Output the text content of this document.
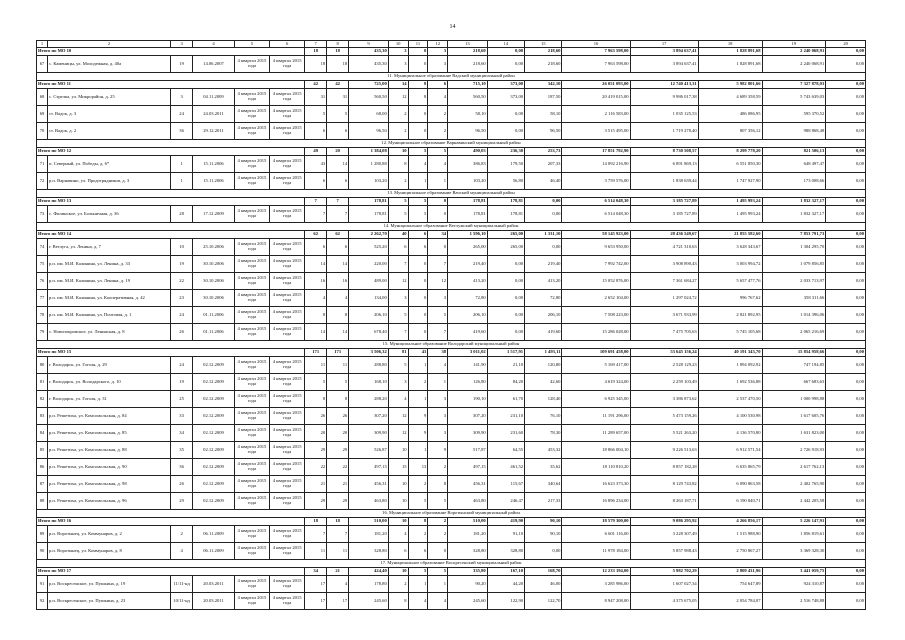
14
1	2	3	4	5	6	7	8	9	10	11	12	13	14	15	16	17	18	19	20
Итого по МО 10						18	18	435,30	3	0	3	218,60	0,00	218,60	7 963 598,00	3 894 637,41	1 828 891,68	2 240 068,91	0,00
67	с. Каменицы, ул. Молодежная, д. 40а	19	14.06.2007	4 квартал 2015 года	4 квартал 2015 года	18	18	435,30	3	0	3	218,60	0,00	218,60	7 963 598,00	3 894 637,41	1 828 891,68	2 240 068,91	0,00
11. Муниципальное образование Вадский муниципальный район																			
Итого по МО 11						42	42	725,00	14	8	6	715,10	373,00	342,10	26 051 093,00	12 740 413,31	5 982 801,66	7 327 878,03	0,00
68	с. Стрелка, ул. Микрорайон, д. 25	3	04.11.2009	4 квартал 2015 года	4 квартал 2015 года	31	31	560,50	12	8	4	560,50	373,00	187,50	20 419 015,00	9 986 017,38	4 689 358,59	5 743 639,03	0,00
69	ст. Вадок, д. 3	24	24.03.2011	4 квартал 2015 года	4 квартал 2015 года	5	5	68,00	2	0	2	58,10	0,00	58,10	2 116 583,00	1 035 125,53	486 086,95	595 370,52	0,00
70	ст. Вадок, д. 2	36	29.12.2011	4 квартал 2015 года	4 квартал 2015 года	6	6	96,50	2	0	2	96,50	0,00	96,50	3 515 495,00	1 719 270,40	807 356,12	988 868,48	0,00
12. Муниципальное образование Варнавинский муниципальный район																			
Итого по МО 12						49	20	1 384,08	10	5	5	490,03	236,30	253,73	17 851 792,90	8 730 508,57	8 299 778,20	821 506,13	0,00
71	п. Северный, ул. Победы, д. 6*	1	15.11.2006	4 квартал 2015 года	4 квартал 2015 года	43	14	1 280,88	8	4	4	386,83	179,50	207,33	14 092 216,90	6 891 869,13	6 551 850,30	648 497,47	0,00
72	р.п. Варнавино, ул. Продотрядников, д. 3	1	15.11.2006	4 квартал 2015 года	4 квартал 2015 года	6	6	103,20	2	1	1	103,20	56,80	46,40	3 759 576,00	1 838 639,44	1 747 927,90	173 008,66	0,00
13. Муниципальное образование Вачский муниципальный район																			
Итого по МО 13						7	7	178,81	5	5	0	178,81	178,81	0,00	6 514 048,30	3 185 727,89	1 495 993,24	1 832 327,17	0,00
73	с. Филинское, ул. Больничная, д. 36	28	17.12.2009	4 квартал 2015 года	4 квартал 2015 года	7	7	178,81	5	5	0	178,81	178,81	0,00	6 514 048,30	3 185 727,89	1 495 993,24	1 832 327,17	0,00
14. Муниципальное образование Ветлужский муниципальный район																			
Итого по МО 14						62	62	2 262,70	40	6	34	1 596,10	265,00	1 331,10	58 145 923,00	28 436 549,67	21 855 582,60	7 853 791,73	0,00
74	г. Ветлуга, ул. Ленина, д. 7	10	25.10.2006	4 квартал 2015 года	4 квартал 2015 года	6	6	525,20	6	6	0	265,00	265,00	0,00	9 653 950,00	4 721 310,63	3 628 343,67	1 304 295,70	0,00
75	р.п. им. М.И. Калинина, ул. Ленина, д. 33	19	30.10.2006	4 квартал 2015 года	4 квартал 2015 года	14	14	220,00	7	0	7	219,40	0,00	219,40	7 992 742,00	3 908 890,43	3 003 994,72	1 079 856,85	0,00
76	р.п. им. М.И. Калинина, ул. Ленина, д. 19	22	30.10.2006	4 квартал 2015 года	4 квартал 2015 года	16	16	489,00	12	0	12	413,20	0,00	413,20	15 052 876,00	7 361 684,27	5 657 477,76	2 033 713,97	0,00
77	р.п. им. М.И. Калинина, ул. Кооперативная, д. 42	23	30.10.2006	4 квартал 2015 года	4 квартал 2015 года	4	4	134,00	3	0	3	72,80	0,00	72,80	2 652 104,00	1 297 024,72	996 767,62	358 311,66	0,00
78	р.п. им. М.И. Калинина, ул. Почтовая, д. 1	24	01.11.2006	4 квартал 2015 года	4 квартал 2015 года	8	8	206,10	5	0	5	206,10	0,00	206,10	7 508 223,00	3 671 933,99	2 821 892,95	1 014 396,06	0,00
79	с. Новопокровское, ул. Ленинская, д. 8	26	01.11.2006	4 квартал 2015 года	4 квартал 2015 года	14	14	678,40	7	0	7	419,60	0,00	419,60	15 286 028,00	7 475 705,63	5 745 105,68	2 065 216,69	0,00
15. Муниципальное образование Володарский муниципальный район																			
Итого по МО 15						171	171	3 506,32	81	43	38	3 011,02	1 517,91	1 493,11	109 691 458,00	53 645 156,24	40 191 343,70	15 854 958,66	0,00
80	г. Володарск, ул. Гоголя, д. 29	24	02.12.2009	4 квартал 2015 года	4 квартал 2015 года	11	11	288,80	5	1	4	141,90	21,10	120,80	5 169 417,00	2 528 129,23	1 894 092,92	747 194,85	0,00
81	г. Володарск, ул. Володарского, д. 10	19	02.12.2009	4 квартал 2015 года	4 квартал 2015 года	5	5	168,10	3	2	1	126,80	84,20	42,60	4 619 324,00	2 259 103,49	1 692 536,88	667 683,63	0,00
82	г. Володарск, ул. Гоголя, д. 31	25	02.12.2009	4 квартал 2015 года	4 квартал 2015 года	8	8	288,20	4	1	3	190,10	61,70	128,40	6 925 345,00	3 386 873,62	2 537 470,50	1 000 998,88	0,00
83	р.п. Решетиха, ул. Комсомольская, д. 84	33	02.12.2009	4 квартал 2015 года	4 квартал 2015 года	26	26	307,20	12	9	3	307,20	231,10	76,10	11 191 296,00	5 473 159,26	4 100 530,98	1 617 605,76	0,00
84	р.п. Решетиха, ул. Комсомольская, д. 85	34	02.12.2009	4 квартал 2015 года	4 квартал 2015 года	20	20	309,90	12	9	3	309,90	231,60	78,30	11 289 657,00	5 521 263,20	4 136 570,80	1 631 823,00	0,00
85	р.п. Решетиха, ул. Комсомольская, д. 88	35	02.12.2009	4 квартал 2015 года	4 квартал 2015 года	29	29	526,87	10	1	9	517,87	64,55	453,32	18 866 004,10	9 226 513,63	6 912 571,54	2 726 918,93	0,00
86	р.п. Решетиха, ул. Комсомольская, д. 90	36	02.12.2009	4 квартал 2015 года	4 квартал 2015 года	22	22	497,15	15	13	2	497,15	461,52	35,62	18 110 810,20	8 857 182,28	6 635 865,79	2 617 762,13	0,00
87	р.п. Решетиха, ул. Комсомольская, д. 98	26	02.12.2009	4 квартал 2015 года	4 квартал 2015 года	21	21	456,31	10	2	8	456,31	115,67	340,64	16 623 373,30	8 129 743,82	6 090 863,58	2 402 765,90	0,00
88	р.п. Решетиха, ул. Комсомольская, д. 96	29	02.12.2009	4 квартал 2015 года	4 квартал 2015 года	29	29	463,80	10	5	5	463,80	246,47	217,33	16 896 234,00	8 263 187,71	6 190 840,71	2 442 205,58	0,00
16. Муниципальное образование Воротынский муниципальный район																			
Итого по МО 16						18	18	510,00	10	8	2	510,00	419,90	90,10	18 579 300,00	9 086 295,92	4 266 856,17	5 226 147,91	0,00
89	р.п. Воротынец, ул. Коммунаров, д. 2	2	06.11.2009	4 квартал 2015 года	4 квартал 2015 года	7	7	181,20	4	2	2	181,20	91,10	90,10	6 601 116,00	3 228 307,49	1 515 988,90	1 856 819,61	0,00
90	р.п. Воротынец, ул. Коммунаров, д. 8	4	06.11.2009	4 квартал 2015 года	4 квартал 2015 года	11	11	328,80	6	6	0	328,80	328,80	0,00	11 978 184,00	5 857 988,43	2 750 867,27	3 369 328,30	0,00
17. Муниципальное образование Воскресенский муниципальный район																			
Итого по МО 17						34	21	424,40	10	5	5	335,80	167,10	168,70	12 233 194,00	5 982 702,29	2 809 431,96	3 441 059,75	0,00
91	р.п. Воскресенское, ул. Пушкина, д. 19	11/11-нд	20.03.2011	4 квартал 2015 года	4 квартал 2015 года	17	4	178,80	2	1	1	90,20	44,20	46,00	3 285 986,00	1 607 027,34	754 647,89	924 310,87	0,00
92	р.п. Воскресенское, ул. Пушкина, д. 23	10/11-нд	20.03.2011	4 квартал 2015 года	4 квартал 2015 года	17	17	245,60	8	4	4	245,60	122,90	122,70	8 947 208,00	4 375 675,05	2 054 784,07	2 516 748,88	0,00
